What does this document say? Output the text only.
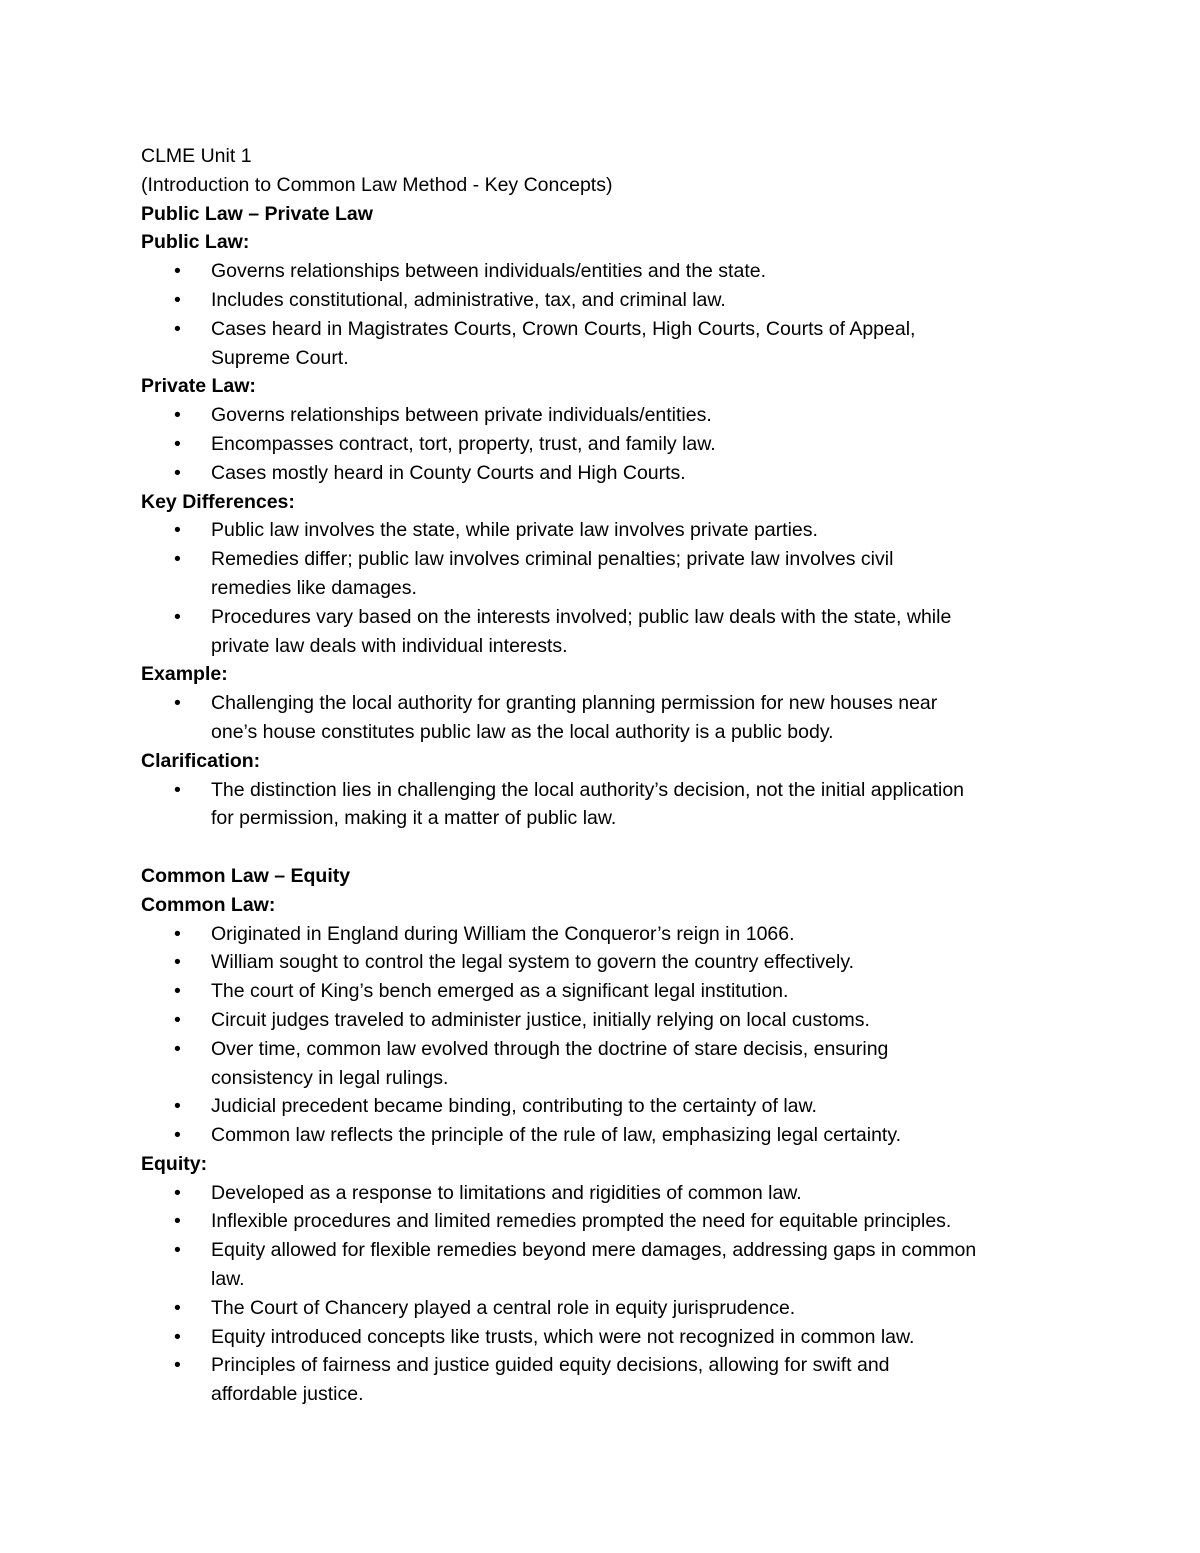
CLME Unit 1

(Introduction to Common Law Method - Key Concepts)

Public Law – Private Law

Public Law:

• Governs relationships between individuals/entities and the state.
• Includes constitutional, administrative, tax, and criminal law.
• Cases heard in Magistrates Courts, Crown Courts, High Courts, Courts of Appeal,
Supreme Court.

Private Law:

• Governs relationships between private individuals/entities.
• Encompasses contract, tort, property, trust, and family law.
• Cases mostly heard in County Courts and High Courts.

Key Differences:

• Public law involves the state, while private law involves private parties.
• Remedies differ; public law involves criminal penalties; private law involves civil
remedies like damages.
• Procedures vary based on the interests involved; public law deals with the state, while
private law deals with individual interests.

Example:

• Challenging the local authority for granting planning permission for new houses near
one’s house constitutes public law as the local authority is a public body.

Clarification:

• The distinction lies in challenging the local authority’s decision, not the initial application
for permission, making it a matter of public law.

Common Law – Equity

Common Law:

• Originated in England during William the Conqueror’s reign in 1066.
• William sought to control the legal system to govern the country effectively.
• The court of King’s bench emerged as a significant legal institution.
• Circuit judges traveled to administer justice, initially relying on local customs.
• Over time, common law evolved through the doctrine of stare decisis, ensuring
consistency in legal rulings.
• Judicial precedent became binding, contributing to the certainty of law.
• Common law reflects the principle of the rule of law, emphasizing legal certainty.

Equity:

• Developed as a response to limitations and rigidities of common law.
• Inflexible procedures and limited remedies prompted the need for equitable principles.
• Equity allowed for flexible remedies beyond mere damages, addressing gaps in common
law.
• The Court of Chancery played a central role in equity jurisprudence.
• Equity introduced concepts like trusts, which were not recognized in common law.
• Principles of fairness and justice guided equity decisions, allowing for swift and
affordable justice.
